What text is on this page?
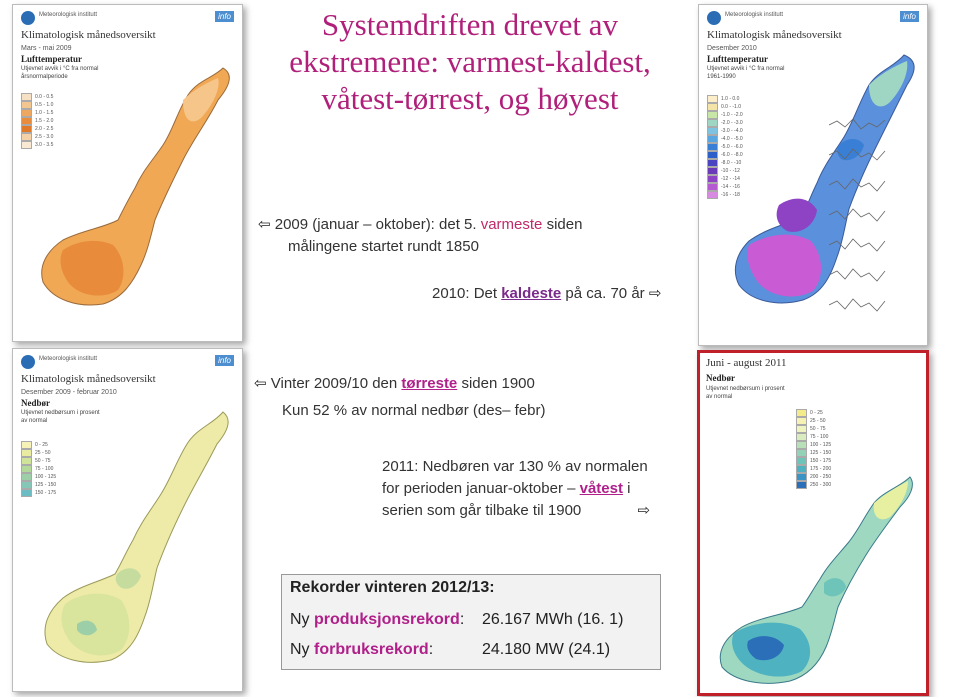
Systemdriften drevet av
ekstremene: varmest-kaldest,
våtest-tørrest, og høyest
Meteorologisk institutt	info
Klimatologisk månedsoversikt
Mars - mai 2009
Lufttemperatur
Utjevnet avvik i °C fra normal årsnormalperiode
0.0 - 0.5
0.5 - 1.0
1.0 - 1.5
1.5 - 2.0
2.0 - 2.5
2.5 - 3.0
3.0 - 3.5
Meteorologisk institutt	info
Klimatologisk månedsoversikt
Desember 2010
Lufttemperatur
Utjevnet avvik i °C fra normal 1961-1990
1.0 - 0.0
0.0 - -1.0
-1.0 - -2.0
-2.0 - -3.0
-3.0 - -4.0
-4.0 - -5.0
-5.0 - -6.0
-6.0 - -8.0
-8.0 - -10
-10 - -12
-12 - -14
-14 - -16
-16 - -18
Meteorologisk institutt	info
Klimatologisk månedsoversikt
Desember 2009 - februar 2010
Nedbør
Utjevnet nedbørsum i prosent av normal
0 - 25
25 - 50
50 - 75
75 - 100
100 - 125
125 - 150
150 - 175
Juni - august 2011
Nedbør
Utjevnet nedbørsum i prosent av normal
0 - 25
25 - 50
50 - 75
75 - 100
100 - 125
125 - 150
150 - 175
175 - 200
200 - 250
250 - 300
⇦ 2009 (januar – oktober): det 5. varmeste siden
målingene startet rundt 1850
2010: Det kaldeste på ca. 70 år ⇨
⇦ Vinter 2009/10 den tørreste siden 1900
Kun 52 % av normal nedbør (des– febr)
2011: Nedbøren var 130 % av normalen
for perioden januar-oktober – våtest i
serien som går tilbake til 1900	⇨
Rekorder vinteren 2012/13:
Ny produksjonsrekord: 26.167 MWh (16. 1)
Ny forbruksrekord:	24.180 MW (24.1)
